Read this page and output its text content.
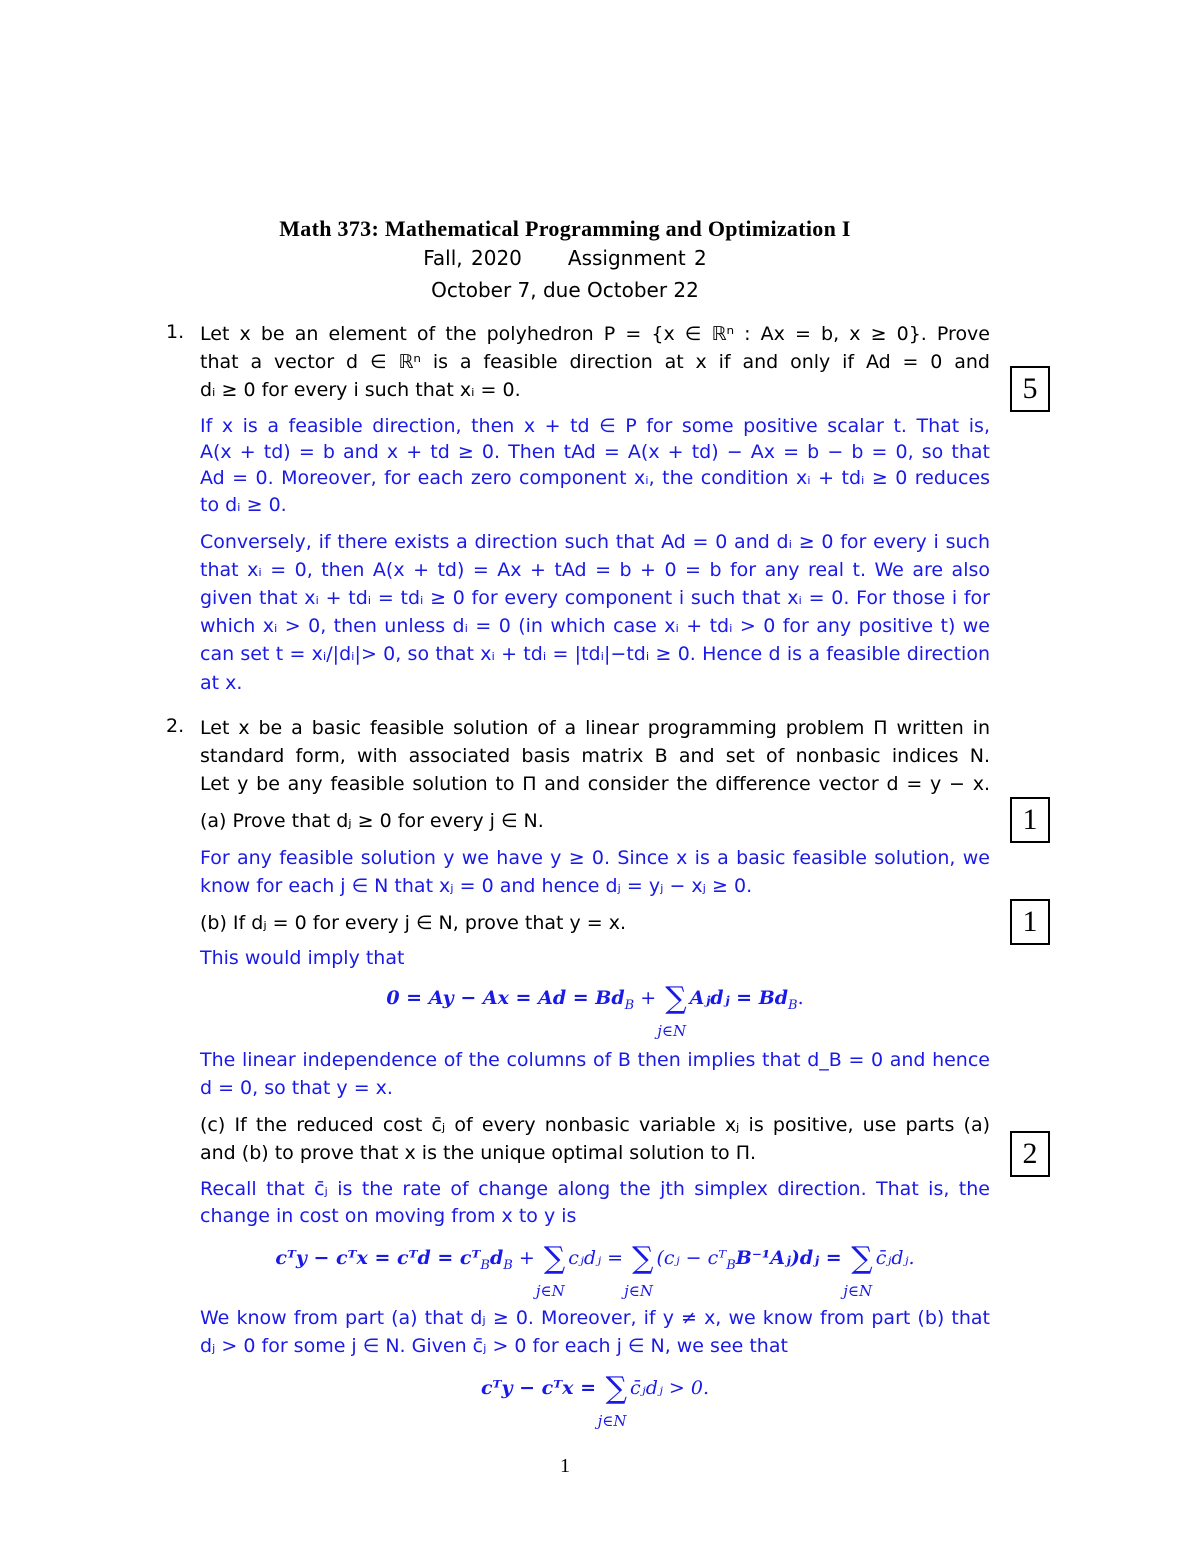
Math 373: Mathematical Programming and Optimization I
Fall, 2020 Assignment 2
October 7, due October 22
1. Let x be an element of the polyhedron P = {x ∈ ℝⁿ : Ax = b, x ≥ 0}. Prove
that a vector d ∈ ℝⁿ is a feasible direction at x if and only if Ad = 0 and
dᵢ ≥ 0 for every i such that xᵢ = 0.	5
If x is a feasible direction, then x + td ∈ P for some positive scalar t. That is,
A(x + td) = b and x + td ≥ 0. Then tAd = A(x + td) − Ax = b − b = 0, so that
Ad = 0. Moreover, for each zero component xᵢ, the condition xᵢ + tdᵢ ≥ 0 reduces
to dᵢ ≥ 0.
Conversely, if there exists a direction such that Ad = 0 and dᵢ ≥ 0 for every i such
that xᵢ = 0, then A(x + td) = Ax + tAd = b + 0 = b for any real t. We are also
given that xᵢ + tdᵢ = tdᵢ ≥ 0 for every component i such that xᵢ = 0. For those i for
which xᵢ > 0, then unless dᵢ = 0 (in which case xᵢ + tdᵢ > 0 for any positive t) we
can set t = xᵢ/|dᵢ|> 0, so that xᵢ + tdᵢ = |tdᵢ|−tdᵢ ≥ 0. Hence d is a feasible direction
at x.
2. Let x be a basic feasible solution of a linear programming problem Π written in
standard form, with associated basis matrix B and set of nonbasic indices N.
Let y be any feasible solution to Π and consider the difference vector d = y − x.
(a) Prove that dⱼ ≥ 0 for every j ∈ N.	1
For any feasible solution y we have y ≥ 0. Since x is a basic feasible solution, we
know for each j ∈ N that xⱼ = 0 and hence dⱼ = yⱼ − xⱼ ≥ 0.
(b) If dⱼ = 0 for every j ∈ N, prove that y = x.	1
This would imply that
$0 = Ay - Ax = Ad = Bd_B$ + ∑
j∈N
Aⱼdⱼ = $Bd_B$.
The linear independence of the columns of B then implies that d_B = 0 and hence
d = 0, so that y = x.
(c) If the reduced cost c̄ⱼ of every nonbasic variable xⱼ is positive, use parts (a)
and (b) to prove that x is the unique optimal solution to Π.	2
Recall that c̄ⱼ is the rate of change along the jth simplex direction. That is, the
change in cost on moving from x to y is
cᵀy − cᵀx = cᵀd = $cᵀ_Bd_B$ + ∑
j∈N
cⱼdⱼ = ∑
j∈N
(cⱼ − cᵀ$_B$B⁻¹Aⱼ)dⱼ = ∑
j∈N
c̄ⱼdⱼ.
We know from part (a) that dⱼ ≥ 0. Moreover, if y ≠ x, we know from part (b) that
dⱼ > 0 for some j ∈ N. Given c̄ⱼ > 0 for each j ∈ N, we see that
cᵀy − cᵀx = ∑
j∈N
c̄ⱼdⱼ > 0.
1
